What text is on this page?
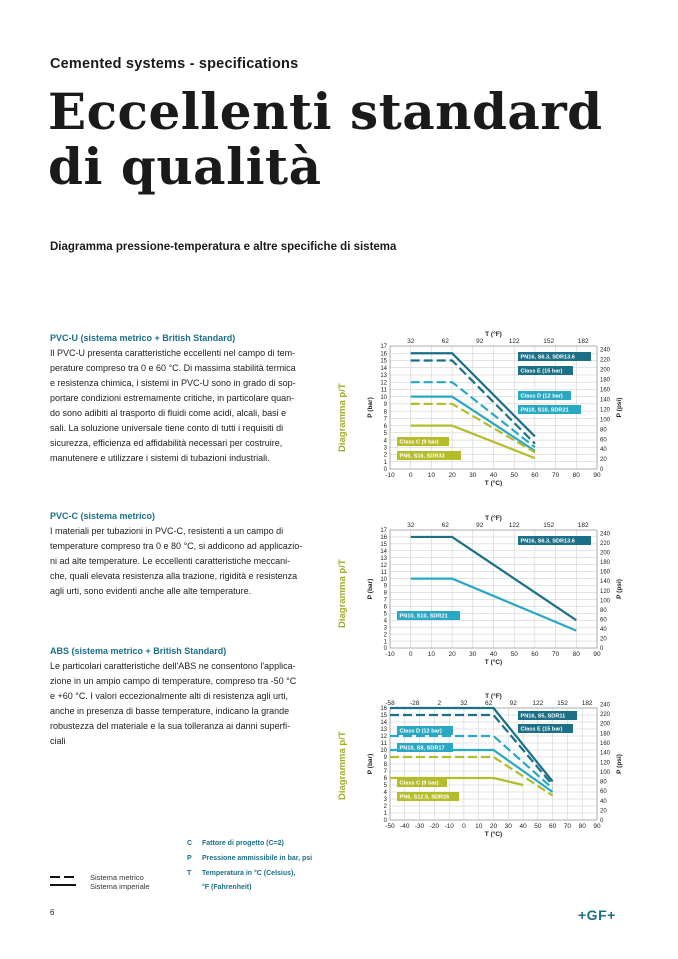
Cemented systems - specifications
Eccellenti standard
di qualità
Diagramma pressione-temperatura e altre specifiche di sistema
PVC-U (sistema metrico + British Standard)
Il PVC-U presenta caratteristiche eccellenti nel campo di tem-
perature compreso tra 0 e 60 °C. Di massima stabilità termica
e resistenza chimica, i sistemi in PVC-U sono in grado di sop-
portare condizioni estremamente critiche, in particolare quan-
do sono adibiti al trasporto di fluidi come acidi, alcali, basi e
sali. La soluzione universale tiene conto di tutti i requisiti di
sicurezza, efficienza ed affidabilità necessari per costruire,
manutenere e utilizzare i sistemi di tubazioni industriali.
PVC-C (sistema metrico)
I materiali per tubazioni in PVC-C, resistenti a un campo di
temperature compreso tra 0 e 80 °C, si addicono ad applicazio-
ni ad alte temperature. Le eccellenti caratteristiche meccani-
che, quali elevata resistenza alla trazione, rigidità e resistenza
agli urti, sono evidenti anche alle alte temperature.
ABS (sistema metrico + British Standard)
Le particolari caratteristiche dell'ABS ne consentono l'applica-
zione in un ampio campo di temperature, compreso tra -50 °C
e +60 °C. I valori eccezionalmente alti di resistenza agli urti,
anche in presenza di basse temperature, indicano la grande
robustezza del materiale e la sua tolleranza ai danni superfi-
ciali
Diagramma p/T
Diagramma p/T
Diagramma p/T
-10 0 10 20 30 40 50 60 70 80 90
0
1
2
3
4
5
6
7
8
9
10
11
12
13
14
15
16
17
32	62	92	122	152	182
T (°F)
T (°C)
0
20
40
60
80
100
120
140
160
180
200
220
240
P (bar)	P (psi)
PN16, S6.3, SDR13.6
Class E (15 bar)
Class D (12 bar)
PN10, S10, SDR21
Class C (9 bar)
PN6, S16, SDR33
-10 0 10 20 30 40 50 60 70 80 90
0
1
2
3
4
5
6
7
8
9
10
11
12
13
14
15
16
17
32	62	92	122	152	182
T (°F)
T (°C)
0
20
40
60
80
100
120
140
160
180
200
220
240
P (bar)	P (psi)
PN16, S6.3, SDR13.6
PN10, S10, SDR21
-50 -40 -30 -20 -10 0 10 20 30 40 50 60 70 80 90
0
1
2
3
4
5
6
7
8
9
10
11
12
13
14
15
16
-58 -28	2	32	62	92 122 152 182
T (°F)
T (°C)
0
20
40
60
80
100
120
140
160
180
200
220
240
P (bar)	P (psi)
PN16, S5, SDR11
Class E (15 bar)
Class D (12 bar)
PN10, S8, SDR17
Class C (9 bar)
PN6, S12.5, SDR26
C Fattore di progetto (C=2)
P Pressione ammissibile in bar, psi
T Temperatura in °C (Celsius),
°F (Fahrenheit)
Sistema metrico
Sistema imperiale
6	+GF+
